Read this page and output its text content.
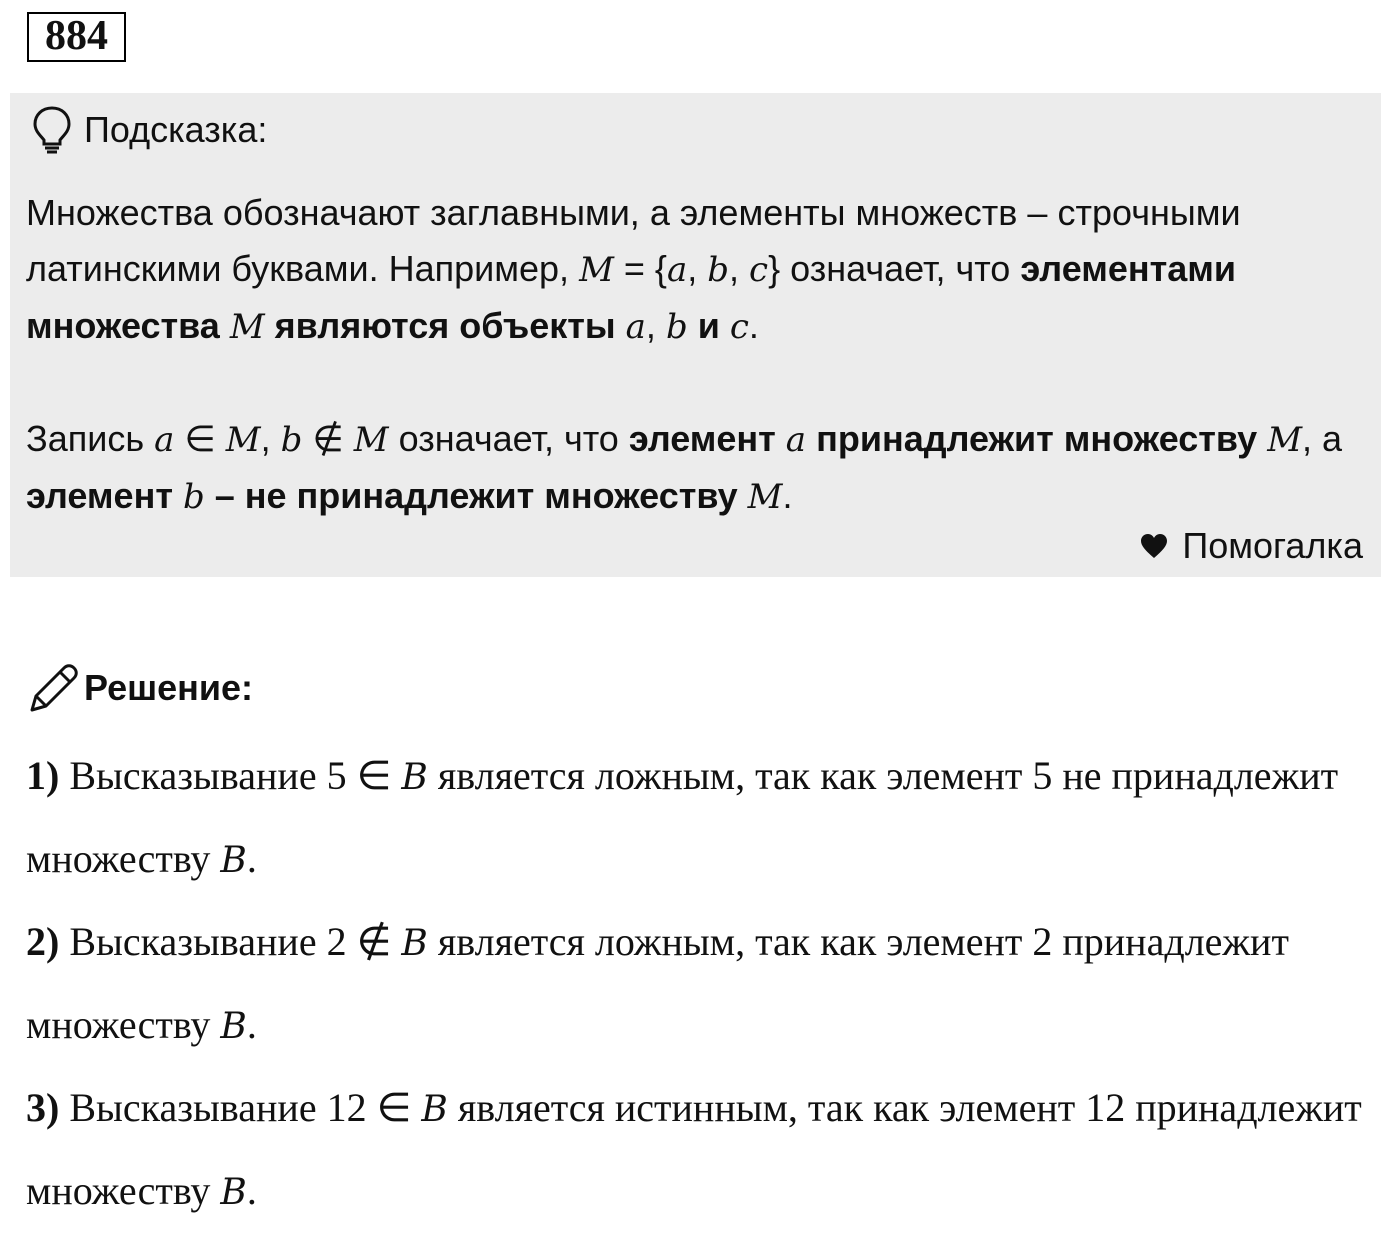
884
Подсказка:

Множества обозначают заглавными, а элементы множеств – строчными латинскими буквами. Например, M = {a, b, c} означает, что элементами множества M являются объекты a, b и c.

Запись a ∈ M, b ∉ M означает, что элемент a принадлежит множеству M, а элемент b – не принадлежит множеству M.

Помогалка
Решение:

1) Высказывание 5 ∈ B является ложным, так как элемент 5 не принадлежит множеству B.

2) Высказывание 2 ∉ B является ложным, так как элемент 2 принадлежит множеству B.

3) Высказывание 12 ∈ B является истинным, так как элемент 12 принадлежит множеству B.
